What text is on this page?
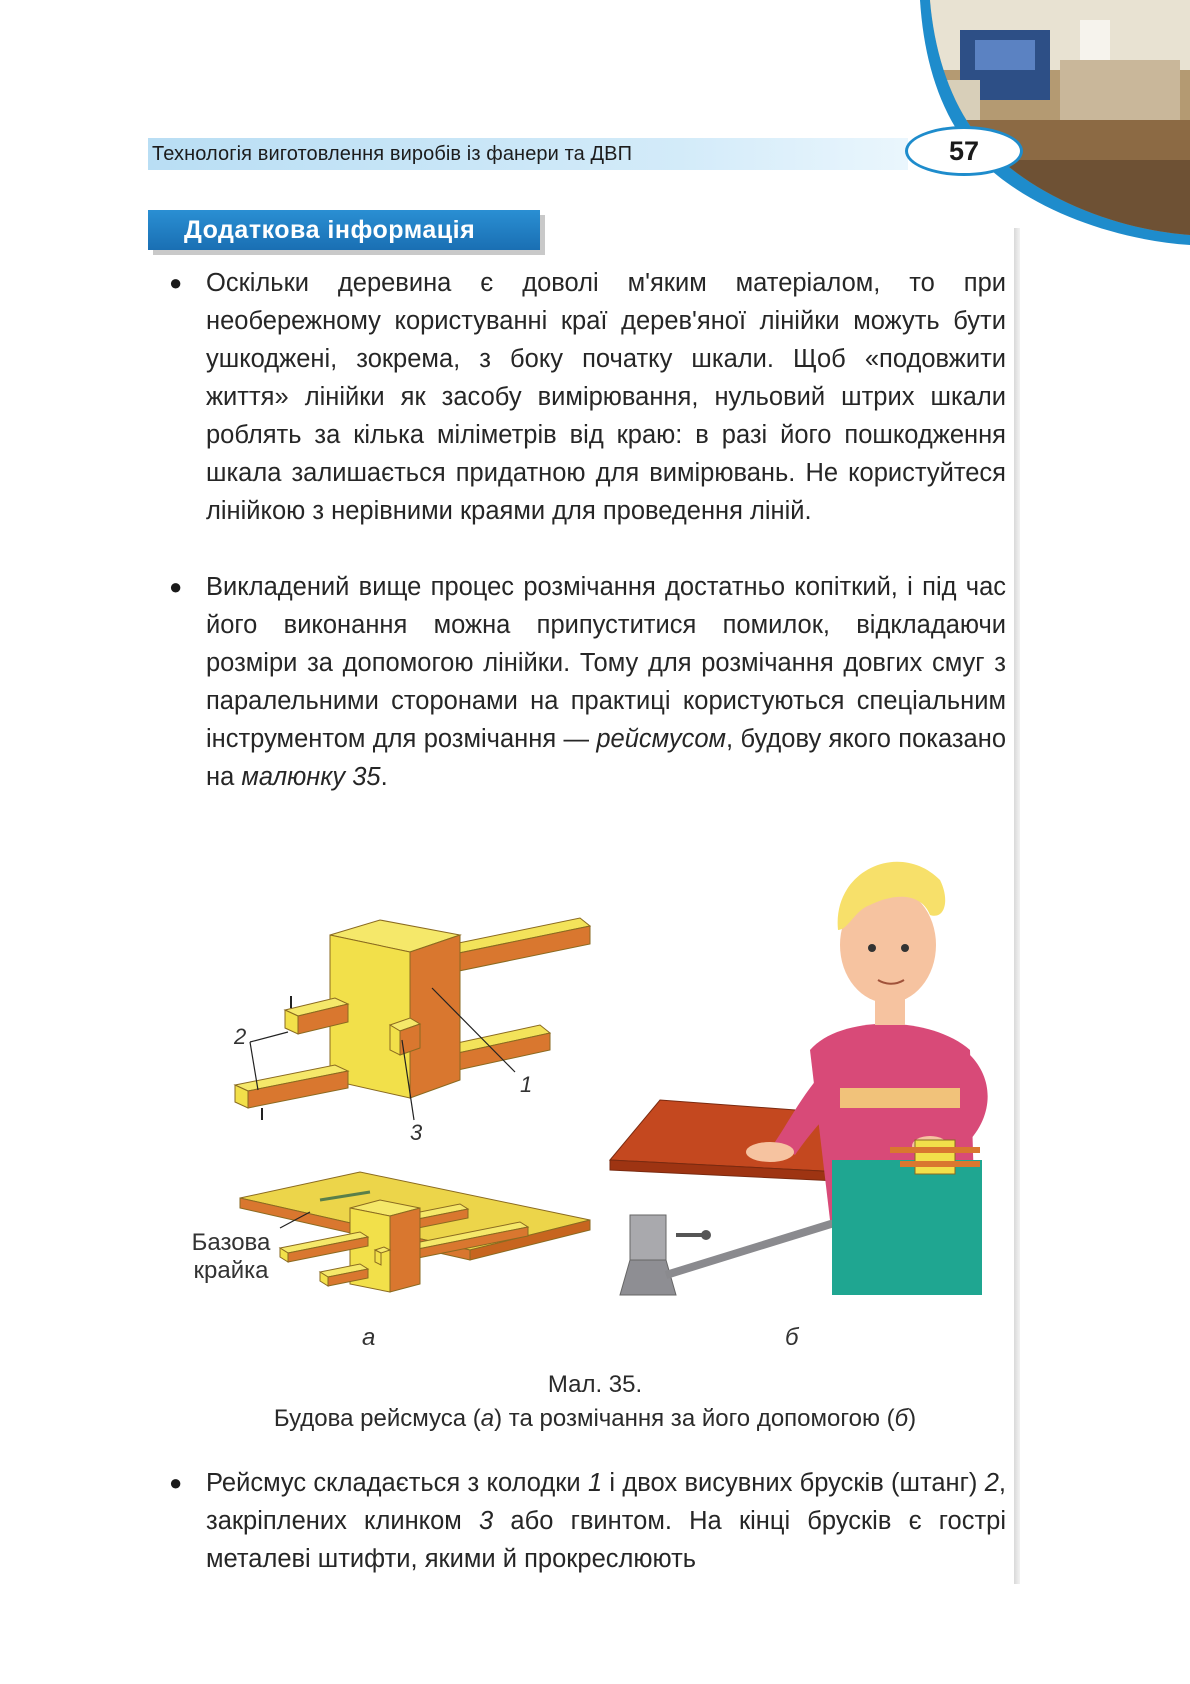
Технологія виготовлення виробів із фанери та ДВП	57
Додаткова інформація
● Оскільки деревина є доволі м'яким матеріалом, то при необережному користуванні краї дерев'яної лінійки можуть бути ушкоджені, зокрема, з боку початку шкали. Щоб «подовжити життя» лінійки як засобу вимірювання, нульовий штрих шкали роблять за кілька міліметрів від краю: в разі його пошкодження шкала залишається придатною для вимірювань. Не користуйтеся лінійкою з нерівними краями для проведення ліній.

● Викладений вище процес розмічання достатньо копіткий, і під час його виконання можна припуститися помилок, відкладаючи розміри за допомогою лінійки. Тому для розмічання довгих смуг з паралельними сторонами на практиці користуються спеціальним інструментом для розмічання — рейсмусом, будову якого показано на малюнку 35.

2
1
3
Базова
крайка
а	б
Мал. 35.
Будова рейсмуса (а) та розмічання за його допомогою (б)
● Рейсмус складається з колодки 1 і двох висувних брусків (штанг) 2, закріплених клинком 3 або гвинтом. На кінці брусків є гострі металеві штифти, якими й прокреслюють
